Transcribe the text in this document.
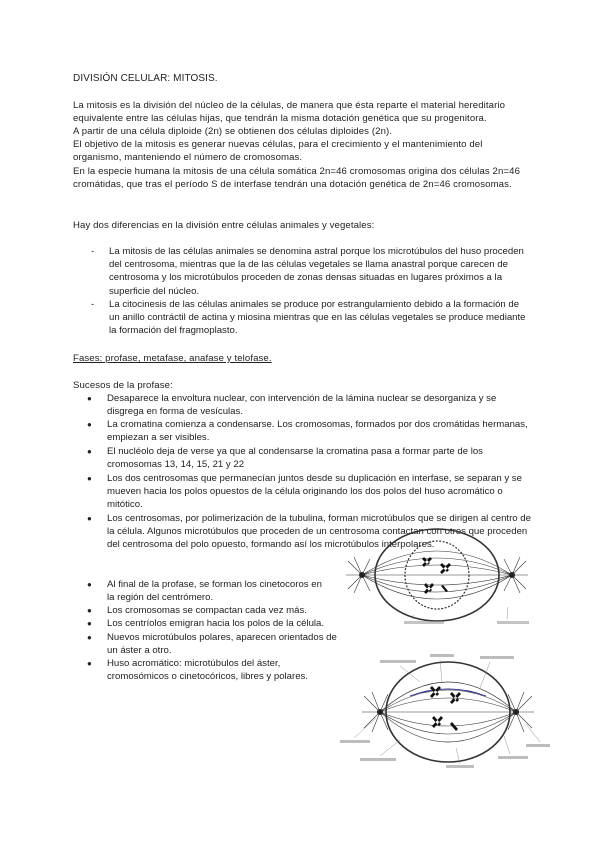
DIVISIÓN CELULAR: MITOSIS.

La mitosis es la división del núcleo de la células, de manera que ésta reparte el material hereditario equivalente entre las células hijas, que tendrán la misma dotación genética que su progenitora.

A partir de una célula diploide (2n) se obtienen dos células diploides (2n).

El objetivo de la mitosis es generar nuevas células, para el crecimiento y el mantenimiento del organismo, manteniendo el número de cromosomas.

En la especie humana la mitosis de una célula somática 2n=46 cromosomas origina dos células 2n=46 cromátidas, que tras el período S de interfase tendrán una dotación genética de 2n=46 cromosomas.

Hay dos diferencias en la división entre células animales y vegetales:

- La mitosis de las células animales se denomina astral porque los microtúbulos del huso proceden del centrosoma, mientras que la de las células vegetales se llama anastral porque carecen de centrosoma y los microtúbulos proceden de zonas densas situadas en lugares próximos a la superficie del núcleo.
- La citocinesis de las células animales se produce por estrangulamiento debido a la formación de un anillo contráctil de actina y miosina mientras que en las células vegetales se produce mediante la formación del fragmoplasto.

Fases: profase, metafase, anafase y telofase.

Sucesos de la profase:

● Desaparece la envoltura nuclear, con intervención de la lámina nuclear se desorganiza y se disgrega en forma de vesículas.
● La cromatina comienza a condensarse. Los cromosomas, formados por dos cromátidas hermanas, empiezan a ser visibles.
● El nucléolo deja de verse ya que al condensarse la cromatina pasa a formar parte de los cromosomas 13, 14, 15, 21 y 22
● Los dos centrosomas que permanecían juntos desde su duplicación en interfase, se separan y se mueven hacia los polos opuestos de la célula originando los dos polos del huso acromático o mitótico.
● Los centrosomas, por polimerización de la tubulina, forman microtúbulos que se dirigen al centro de la célula. Algunos microtúbulos que proceden de un centrosoma contactan con otros que proceden del centrosoma del polo opuesto, formando así los microtúbulos interpolares.
● Al final de la profase, se forman los cinetocoros en la región del centrómero.
● Los cromosomas se compactan cada vez más.
● Los centríolos emigran hacia los polos de la célula.
● Nuevos microtúbulos polares, aparecen orientados de un áster a otro.
● Huso acromático: microtúbulos del áster, cromosómicos o cinetocóricos, libres y polares.
